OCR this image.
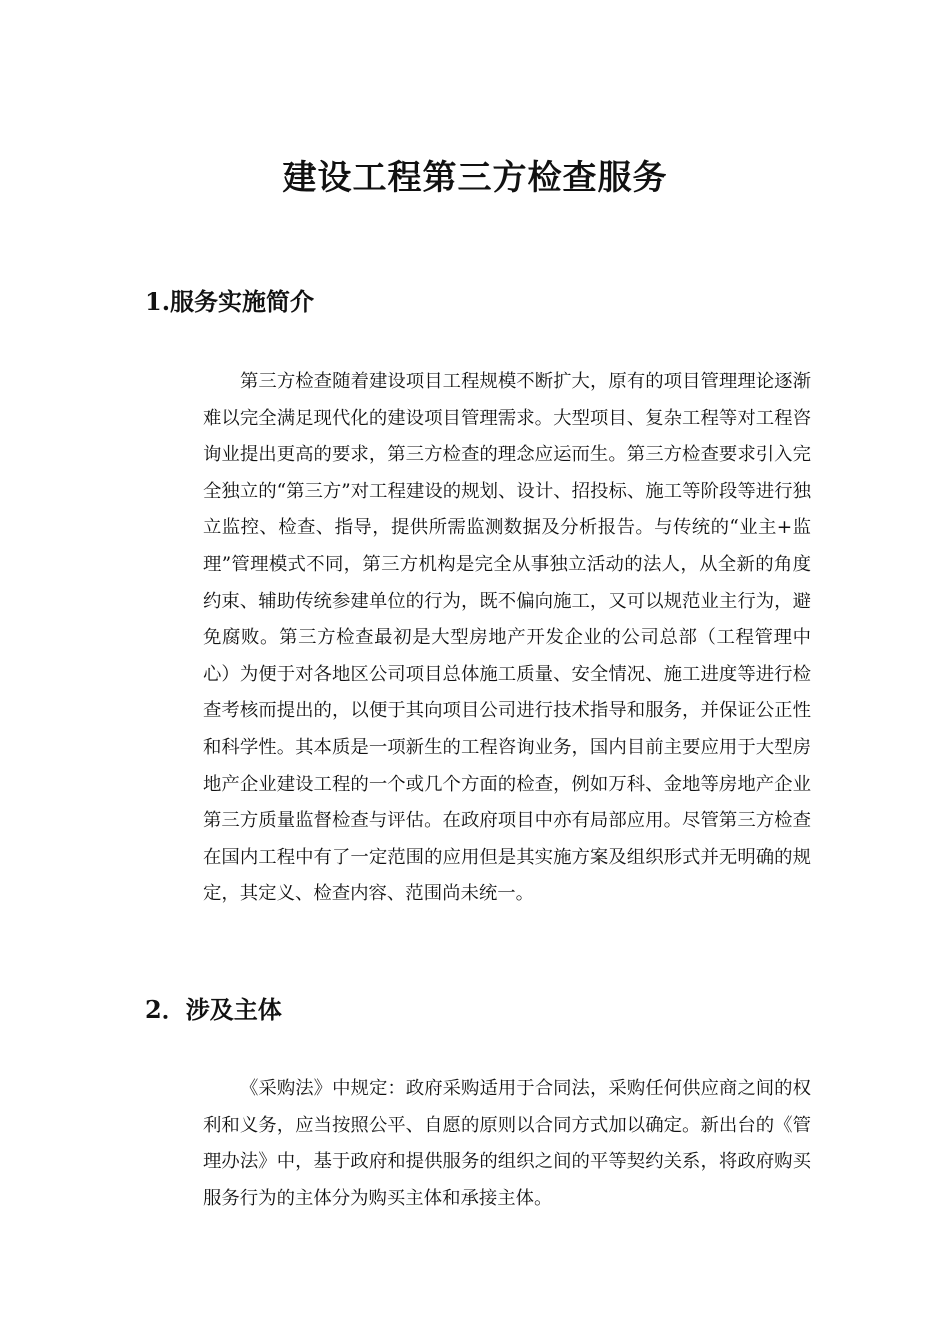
建设工程第三方检查服务
1.服务实施简介

第三方检查随着建设项目工程规模不断扩大，原有的项目管理理论逐渐难以完全满足现代化的建设项目管理需求。大型项目、复杂工程等对工程咨询业提出更高的要求，第三方检查的理念应运而生。第三方检查要求引入完全独立的“第三方”对工程建设的规划、设计、招投标、施工等阶段等进行独立监控、检查、指导，提供所需监测数据及分析报告。与传统的“业主+监理”管理模式不同，第三方机构是完全从事独立活动的法人，从全新的角度约束、辅助传统参建单位的行为，既不偏向施工，又可以规范业主行为，避免腐败。第三方检查最初是大型房地产开发企业的公司总部（工程管理中心）为便于对各地区公司项目总体施工质量、安全情况、施工进度等进行检查考核而提出的，以便于其向项目公司进行技术指导和服务，并保证公正性和科学性。其本质是一项新生的工程咨询业务，国内目前主要应用于大型房地产企业建设工程的一个或几个方面的检查，例如万科、金地等房地产企业第三方质量监督检查与评估。在政府项目中亦有局部应用。尽管第三方检查在国内工程中有了一定范围的应用但是其实施方案及组织形式并无明确的规定，其定义、检查内容、范围尚未统一。

2．涉及主体

《采购法》中规定：政府采购适用于合同法，采购任何供应商之间的权利和义务，应当按照公平、自愿的原则以合同方式加以确定。新出台的《管理办法》中，基于政府和提供服务的组织之间的平等契约关系，将政府购买服务行为的主体分为购买主体和承接主体。
